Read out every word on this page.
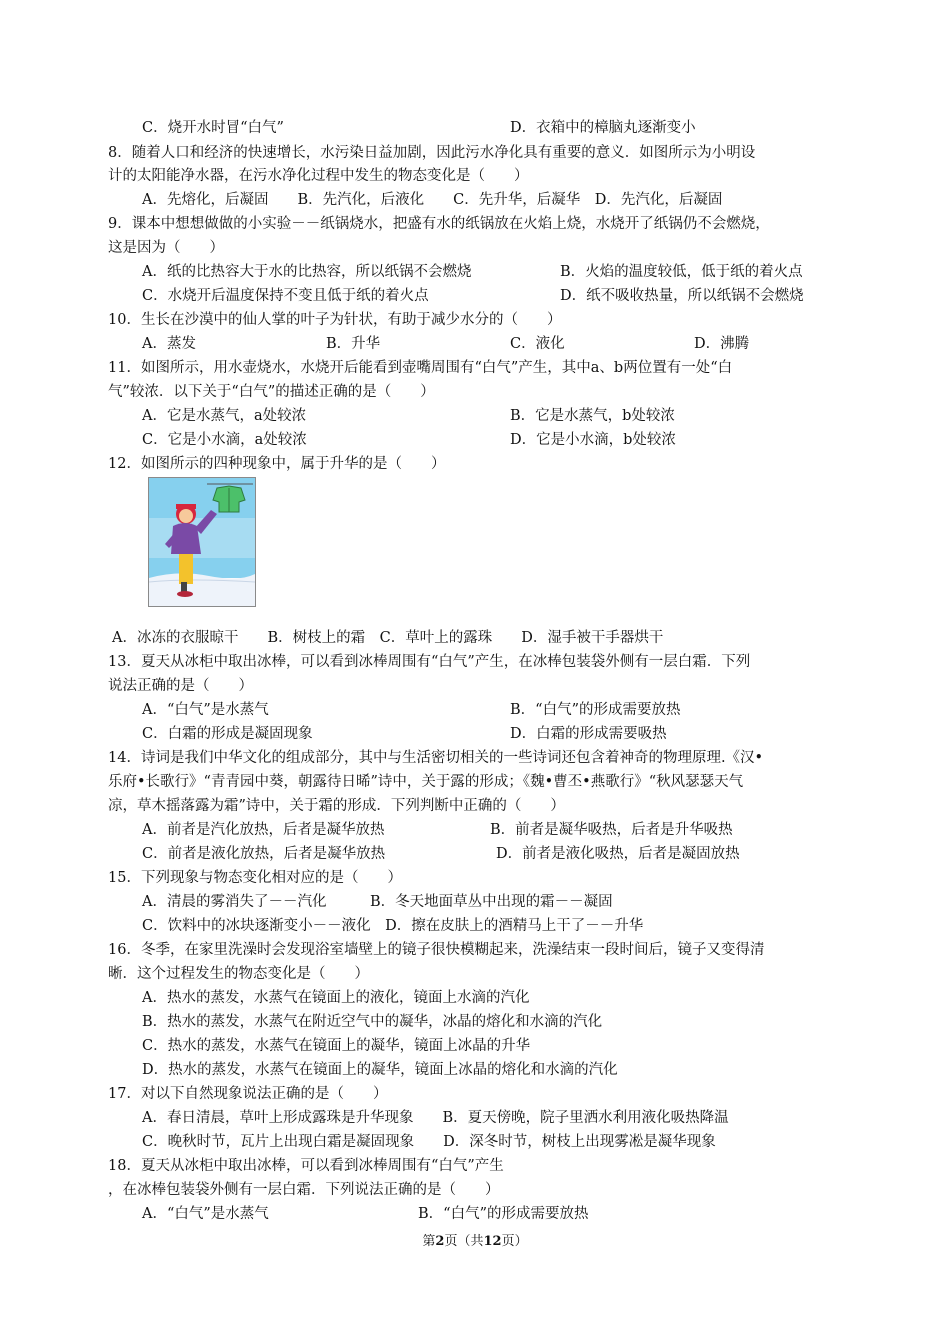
C．烧开水时冒“白气”	D．衣箱中的樟脑丸逐渐变小
8．随着人口和经济的快速增长，水污染日益加剧，因此污水净化具有重要的意义．如图所示为小明设
计的太阳能净水器，在污水净化过程中发生的物态变化是（　　）
A．先熔化，后凝固　　B．先汽化，后液化　　C．先升华，后凝华　D．先汽化，后凝固
9．课本中想想做做的小实验－－纸锅烧水，把盛有水的纸锅放在火焰上烧，水烧开了纸锅仍不会燃烧，
这是因为（　　）
A．纸的比热容大于水的比热容，所以纸锅不会燃烧	B．火焰的温度较低，低于纸的着火点
C．水烧开后温度保持不变且低于纸的着火点	D．纸不吸收热量，所以纸锅不会燃烧
10．生长在沙漠中的仙人掌的叶子为针状，有助于减少水分的（　　）
A．蒸发	B．升华	C．液化	D．沸腾
11．如图所示，用水壶烧水，水烧开后能看到壶嘴周围有“白气”产生，其中a、b两位置有一处“白
气”较浓．以下关于“白气”的描述正确的是（　　）
A．它是水蒸气，a处较浓	B．它是水蒸气，b处较浓
C．它是小水滴，a处较浓	D．它是小水滴，b处较浓
12．如图所示的四种现象中，属于升华的是（　　）
A．冰冻的衣服晾干　　B．树枝上的霜　C．草叶上的露珠　　D．湿手被干手器烘干
13．夏天从冰柜中取出冰棒，可以看到冰棒周围有“白气”产生，在冰棒包装袋外侧有一层白霜．下列
说法正确的是（　　）
A．“白气”是水蒸气	B．“白气”的形成需要放热
C．白霜的形成是凝固现象	D．白霜的形成需要吸热
14．诗词是我们中华文化的组成部分，其中与生活密切相关的一些诗词还包含着神奇的物理原理.《汉•
乐府•长歌行》“青青园中葵，朝露待日晞”诗中，关于露的形成；《魏•曹丕•燕歌行》“秋风瑟瑟天气
凉，草木摇落露为霜”诗中，关于霜的形成．下列判断中正确的（　　）
A．前者是汽化放热，后者是凝华放热	B．前者是凝华吸热，后者是升华吸热
C．前者是液化放热，后者是凝华放热	D．前者是液化吸热，后者是凝固放热
15．下列现象与物态变化相对应的是（　　）
A．清晨的雾消失了－－汽化　　　B．冬天地面草丛中出现的霜－－凝固
C．饮料中的冰块逐渐变小－－液化　D．擦在皮肤上的酒精马上干了－－升华
16．冬季，在家里洗澡时会发现浴室墙壁上的镜子很快模糊起来，洗澡结束一段时间后，镜子又变得清
晰．这个过程发生的物态变化是（　　）
A．热水的蒸发，水蒸气在镜面上的液化，镜面上水滴的汽化
B．热水的蒸发，水蒸气在附近空气中的凝华，冰晶的熔化和水滴的汽化
C．热水的蒸发，水蒸气在镜面上的凝华，镜面上冰晶的升华
D．热水的蒸发，水蒸气在镜面上的凝华，镜面上冰晶的熔化和水滴的汽化
17．对以下自然现象说法正确的是（　　）
A．春日清晨，草叶上形成露珠是升华现象　　B．夏天傍晚，院子里洒水利用液化吸热降温
C．晚秋时节，瓦片上出现白霜是凝固现象　　D．深冬时节，树枝上出现雾凇是凝华现象
18．夏天从冰柜中取出冰棒，可以看到冰棒周围有“白气”产生
，在冰棒包装袋外侧有一层白霜．下列说法正确的是（　　）
A．“白气”是水蒸气	B．“白气”的形成需要放热
第2页（共12页）
